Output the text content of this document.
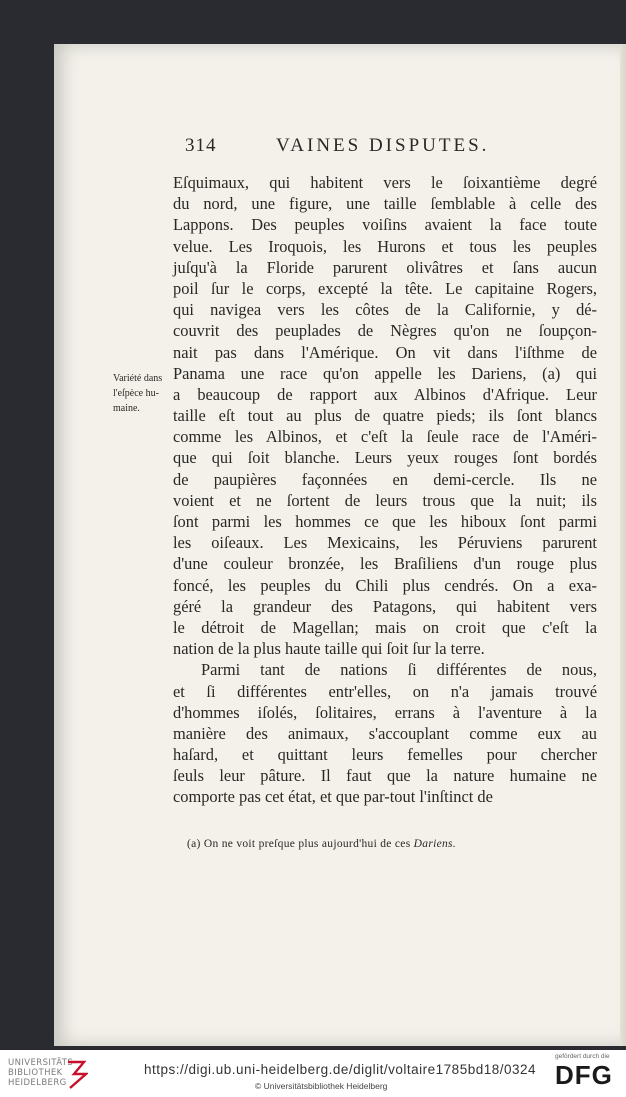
314	VAINES DISPUTES.
Variété dans
l'eſpèce hu-
maine.
Eſquimaux, qui habitent vers le ſoixantième degré
du nord, une figure, une taille ſemblable à celle des
Lappons. Des peuples voiſins avaient la face toute
velue. Les Iroquois, les Hurons et tous les peuples
juſqu'à la Floride parurent olivâtres et ſans aucun
poil ſur le corps, excepté la tête. Le capitaine Rogers,
qui navigea vers les côtes de la Californie, y dé-
couvrit des peuplades de Nègres qu'on ne ſoupçon-
nait pas dans l'Amérique. On vit dans l'iſthme de
Panama une race qu'on appelle les Dariens, (a) qui
a beaucoup de rapport aux Albinos d'Afrique. Leur
taille eſt tout au plus de quatre pieds; ils ſont blancs
comme les Albinos, et c'eſt la ſeule race de l'Améri-
que qui ſoit blanche. Leurs yeux rouges ſont bordés
de paupières façonnées en demi-cercle. Ils ne
voient et ne ſortent de leurs trous que la nuit; ils
ſont parmi les hommes ce que les hiboux ſont parmi
les oiſeaux. Les Mexicains, les Péruviens parurent
d'une couleur bronzée, les Braſiliens d'un rouge plus
foncé, les peuples du Chili plus cendrés. On a exa-
géré la grandeur des Patagons, qui habitent vers
le détroit de Magellan; mais on croit que c'eſt la
nation de la plus haute taille qui ſoit ſur la terre.
Parmi tant de nations ſi différentes de nous,
et ſi différentes entr'elles, on n'a jamais trouvé
d'hommes iſolés, ſolitaires, errans à l'aventure à la
manière des animaux, s'accouplant comme eux au
haſard, et quittant leurs femelles pour chercher
ſeuls leur pâture. Il faut que la nature humaine ne
comporte pas cet état, et que par-tout l'inſtinct de
(a) On ne voit preſque plus aujourd'hui de ces Dariens.
UNIVERSITÄTS-
BIBLIOTHEK
HEIDELBERG
https://digi.ub.uni-heidelberg.de/diglit/voltaire1785bd18/0324
© Universitätsbibliothek Heidelberg
gefördert durch die
DFG
